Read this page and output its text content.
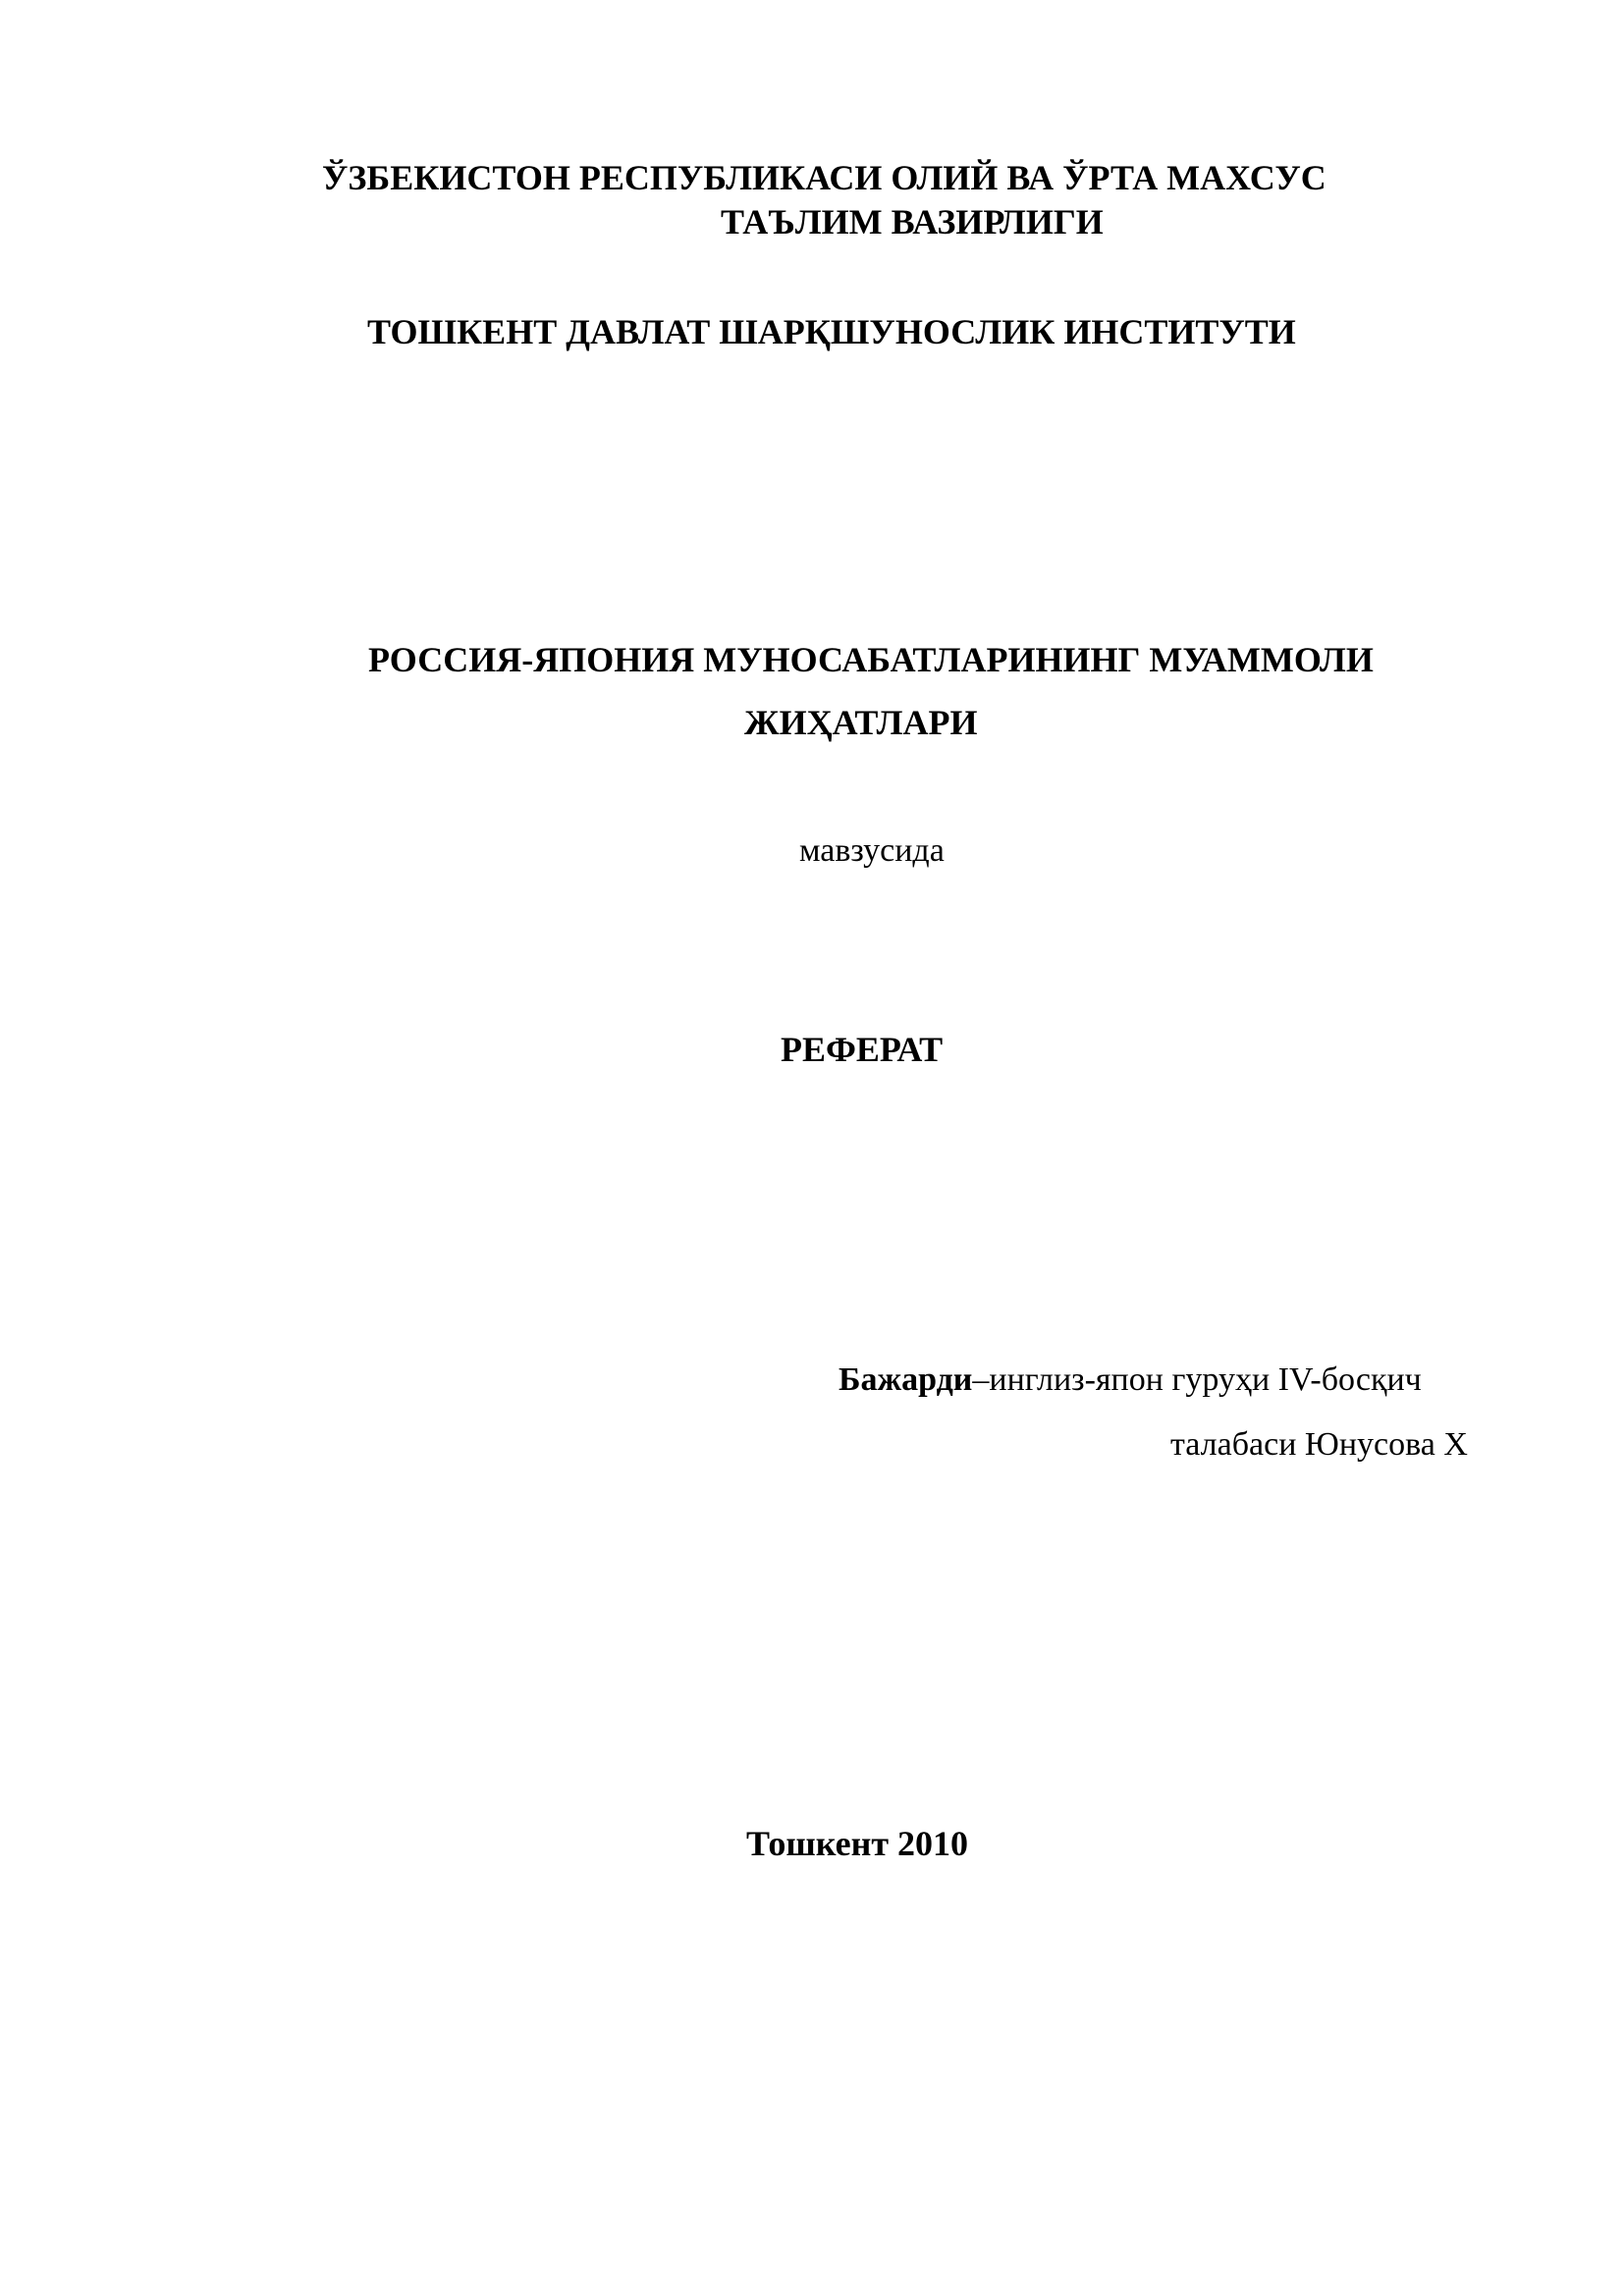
ЎЗБЕКИСТОН РЕСПУБЛИКАСИ ОЛИЙ ВА ЎРТА МАХСУС
ТАЪЛИМ ВАЗИРЛИГИ
ТОШКЕНТ ДАВЛАТ ШАРҚШУНОСЛИК ИНСТИТУТИ
РОССИЯ-ЯПОНИЯ МУНОСАБАТЛАРИНИНГ МУАММОЛИ
ЖИҲАТЛАРИ
мавзусида
РЕФЕРАТ
Бажарди–инглиз-япон гуруҳи IV-босқич
талабаси Юнусова Х
Тошкент 2010
